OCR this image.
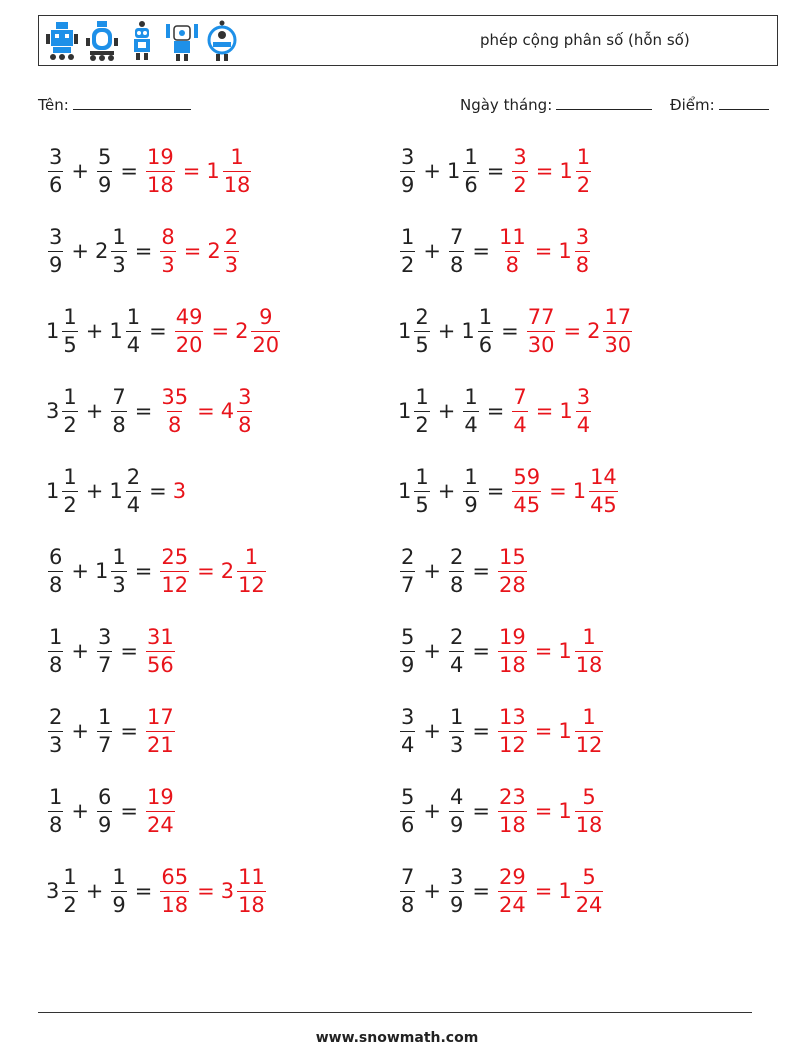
phép cộng phân số (hỗn số)
Tên:	Ngày tháng:	Điểm:
$\frac{3}{6} + \frac{5}{9} = \frac{19}{18} = 1 \frac{1}{18}$
$\frac{3}{9} + 2 \frac{1}{3} = \frac{8}{3} = 2 \frac{2}{3}$
$1 \frac{1}{5} + 1 \frac{1}{4} = \frac{49}{20} = 2 \frac{9}{20}$
$3 \frac{1}{2} + \frac{7}{8} = \frac{35}{8} = 4 \frac{3}{8}$
$1 \frac{1}{2} + 1 \frac{2}{4} = 3$
$\frac{6}{8} + 1 \frac{1}{3} = \frac{25}{12} = 2 \frac{1}{12}$
$\frac{1}{8} + \frac{3}{7} = \frac{31}{56}$
$\frac{2}{3} + \frac{1}{7} = \frac{17}{21}$
$\frac{1}{8} + \frac{6}{9} = \frac{19}{24}$
$3 \frac{1}{2} + \frac{1}{9} = \frac{65}{18} = 3 \frac{11}{18}$
$\frac{3}{9} + 1 \frac{1}{6} = \frac{3}{2} = 1 \frac{1}{2}$
$\frac{1}{2} + \frac{7}{8} = \frac{11}{8} = 1 \frac{3}{8}$
$1 \frac{2}{5} + 1 \frac{1}{6} = \frac{77}{30} = 2 \frac{17}{30}$
$1 \frac{1}{2} + \frac{1}{4} = \frac{7}{4} = 1 \frac{3}{4}$
$1 \frac{1}{5} + \frac{1}{9} = \frac{59}{45} = 1 \frac{14}{45}$
$\frac{2}{7} + \frac{2}{8} = \frac{15}{28}$
$\frac{5}{9} + \frac{2}{4} = \frac{19}{18} = 1 \frac{1}{18}$
$\frac{3}{4} + \frac{1}{3} = \frac{13}{12} = 1 \frac{1}{12}$
$\frac{5}{6} + \frac{4}{9} = \frac{23}{18} = 1 \frac{5}{18}$
$\frac{7}{8} + \frac{3}{9} = \frac{29}{24} = 1 \frac{5}{24}$
www.snowmath.com
